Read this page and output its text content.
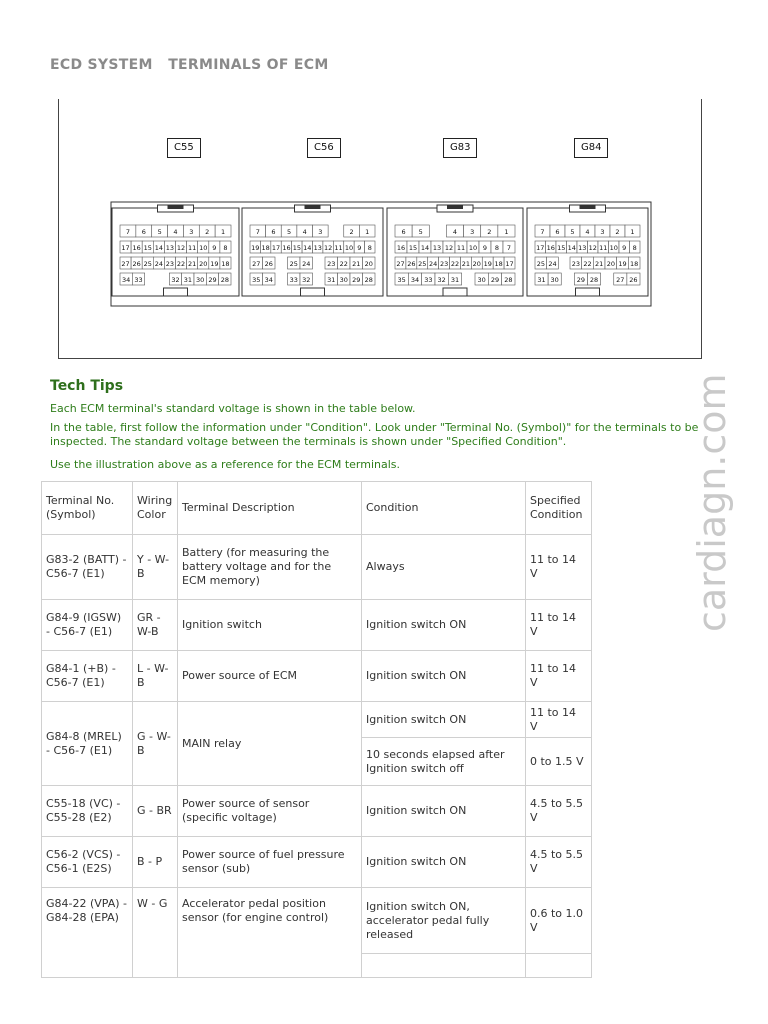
ECD SYSTEM   TERMINALS OF ECM
7 6 5 4 3 2 1
17 16 15 14 13 12 11 10 9 8
27 26 25 24 23 22 21 20 19 18
34 33	32 31 30 29 28
7 6 5 4 3	2 1
19 18 17 16 15 14 13 12 11 10 9 8
27 26	25 24	23 22 21 20
35 34	33 32	31 30 29 28
6 5	4 3 2 1
16 15 14 13 12 11 10 9 8 7
27 26 25 24 23 22 21 20 19 18 17
35 34 33 32 31	30 29 28
7 6 5 4 3 2 1
17 16 15 14 13 12 11 10 9 8
25 24 23 22 21 20 19 18
31 30	29 28	27 26
C55	C56	G83	G84
cardiagn.com
Tech Tips
Each ECM terminal's standard voltage is shown in the table below.
In the table, first follow the information under "Condition". Look under "Terminal No. (Symbol)" for the terminals to be inspected. The standard voltage between the terminals is shown under "Specified Condition".
Use the illustration above as a reference for the ECM terminals.
Terminal No. (Symbol)	Wiring Color	Terminal Description	Condition	Specified Condition
G83-2 (BATT) - C56-7 (E1)	Y - W-B	Battery (for measuring the battery voltage and for the ECM memory)	Always	11 to 14 V
G84-9 (IGSW) - C56-7 (E1)	GR - W-B	Ignition switch	Ignition switch ON	11 to 14 V
G84-1 (+B) - C56-7 (E1)	L - W-B	Power source of ECM	Ignition switch ON	11 to 14 V
G84-8 (MREL) - C56-7 (E1)	G - W-B	MAIN relay	Ignition switch ON	11 to 14 V
			10 seconds elapsed after Ignition switch off	0 to 1.5 V
C55-18 (VC) - C55-28 (E2)	G - BR	Power source of sensor (specific voltage)	Ignition switch ON	4.5 to 5.5 V
C56-2 (VCS) - C56-1 (E2S)	B - P	Power source of fuel pressure sensor (sub)	Ignition switch ON	4.5 to 5.5 V
G84-22 (VPA) - G84-28 (EPA)	W - G	Accelerator pedal position sensor (for engine control)	Ignition switch ON, accelerator pedal fully released	0.6 to 1.0 V
